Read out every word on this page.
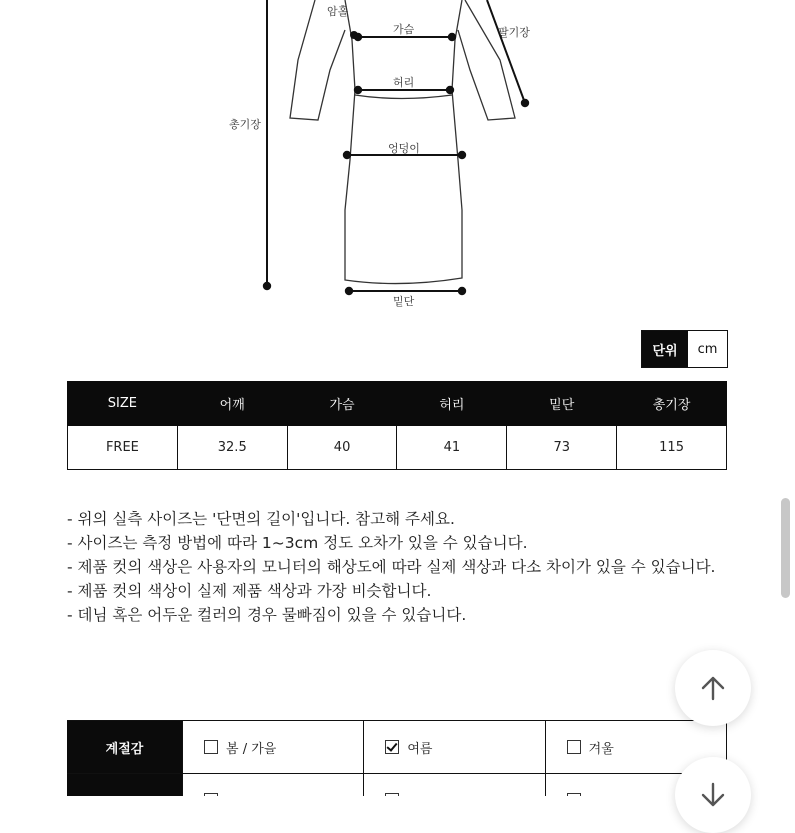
암홀
가슴	팔기장
허리
총기장
엉덩이
밑단
단위	cm
SIZE	어깨	가슴	허리	밑단	총기장
FREE	32.5	40	41	73	115
- 위의 실측 사이즈는 '단면의 길이'입니다. 참고해 주세요.
- 사이즈는 측정 방법에 따라 1~3cm 정도 오차가 있을 수 있습니다.
- 제품 컷의 색상은 사용자의 모니터의 해상도에 따라 실제 색상과 다소 차이가 있을 수 있습니다.
- 제품 컷의 색상이 실제 제품 색상과 가장 비슷합니다.
- 데님 혹은 어두운 컬러의 경우 물빠짐이 있을 수 있습니다.
계절감	봄 / 가을	여름	겨울
